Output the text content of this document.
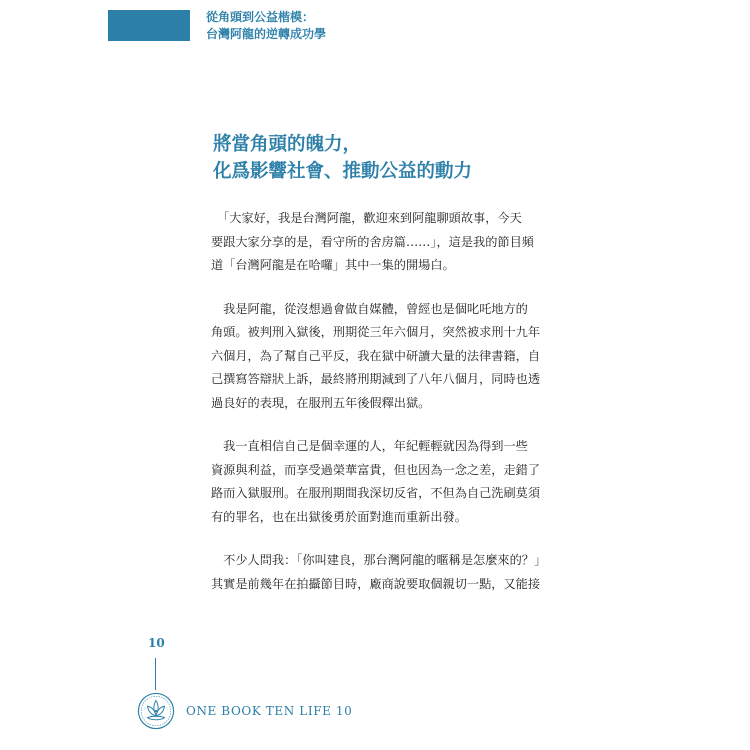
從角頭到公益楷模：
台灣阿龍的逆轉成功學
將當角頭的魄力，
化爲影響社會、推動公益的動力
　「大家好，我是台灣阿龍，歡迎來到阿龍聊頭故事，今天
要跟大家分享的是，看守所的舍房篇……」，這是我的節目頻
道「台灣阿龍是在哈囉」其中一集的開場白。
　我是阿龍，從沒想過會做自媒體，曾經也是個叱吒地方的
角頭。被判刑入獄後，刑期從三年六個月，突然被求刑十九年
六個月，為了幫自己平反，我在獄中研讀大量的法律書籍，自
己撰寫答辯狀上訴，最終將刑期減到了八年八個月，同時也透
過良好的表現，在服刑五年後假釋出獄。
　我一直相信自己是個幸運的人，年紀輕輕就因為得到一些
資源與利益，而享受過榮華富貴，但也因為一念之差，走錯了
路而入獄服刑。在服刑期間我深切反省，不但為自己洗刷莫須
有的罪名，也在出獄後勇於面對進而重新出發。
　不少人問我：「你叫建良，那台灣阿龍的暱稱是怎麼來的？」
其實是前幾年在拍攝節目時，廠商說要取個親切一點，又能接
10
ONE BOOK TEN LIFE 10
